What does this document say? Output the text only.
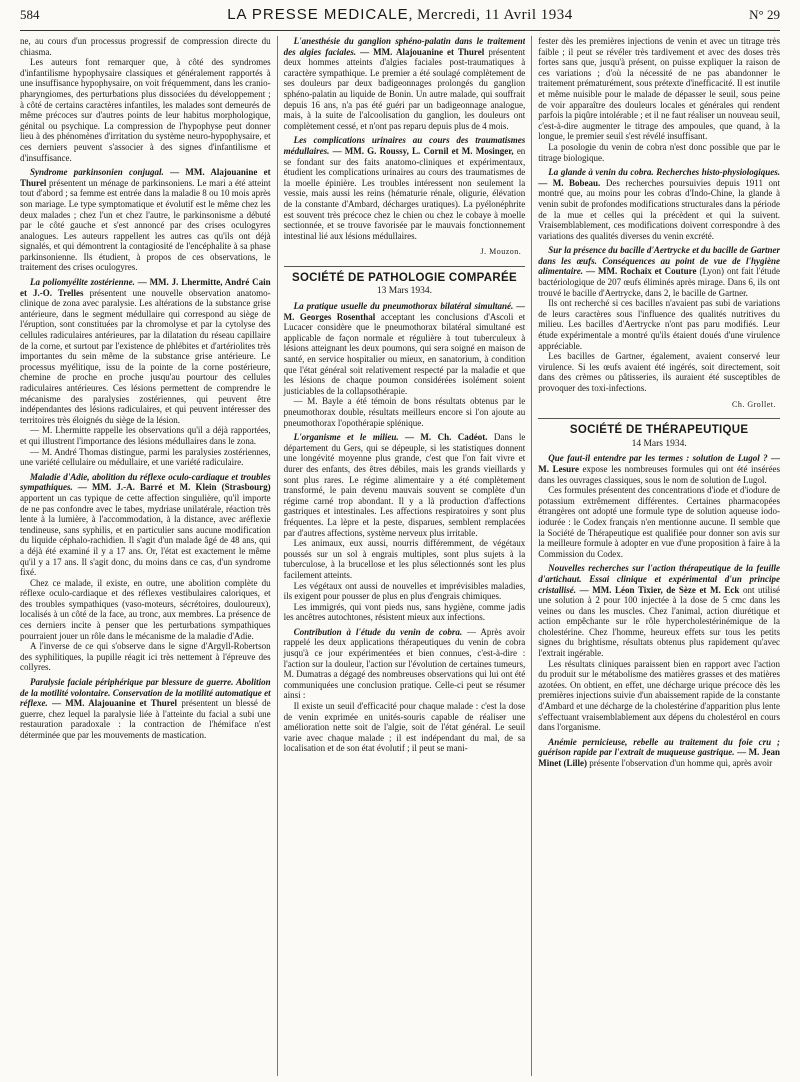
584	LA PRESSE MEDICALE, Mercredi, 11 Avril 1934	N° 29

ne, au cours d'un processus progressif de compression directe du chiasma.

Les auteurs font remarquer que, à côté des syndromes d'infantilisme hypophysaire classiques et généralement rapportés à une insuffisance hypophysaire, on voit fréquemment, dans les cranio-pharyngiomes, des perturbations plus dissociées du développement ; à côté de certains caractères infantiles, les malades sont demeurés de même précoces sur d'autres points de leur habitus morphologique, génital ou psychique. La compression de l'hypophyse peut donner lieu à des phénomènes d'irritation du système neuro-hypophysaire, et ces derniers peuvent s'associer à des signes d'infantilisme et d'insuffisance.

Syndrome parkinsonien conjugal. — MM. Alajouanine et Thurel présentent un ménage de parkinsoniens. Le mari a été atteint tout d'abord ; sa femme est entrée dans la maladie 8 ou 10 mois après son mariage. Le type symptomatique et évolutif est le même chez les deux malades ; chez l'un et chez l'autre, le parkinsonisme a débuté par le côté gauche et s'est annoncé par des crises oculogyres analogues. Les auteurs rappellent les autres cas qu'ils ont déjà signalés, et qui démontrent la contagiosité de l'encéphalite à sa phase parkinsonienne. Ils étudient, à propos de ces observations, le traitement des crises oculogyres.

La poliomyélite zostérienne. — MM. J. Lhermitte, André Cain et J.-O. Trelles présentent une nouvelle observation anatomo-clinique de zona avec paralysie. Les altérations de la substance grise antérieure, dans le segment médullaire qui correspond au siège de l'éruption, sont constituées par la chromolyse et par la cytolyse des cellules radiculaires antérieures, par la dilatation du réseau capillaire de la corne, et surtout par l'existence de phlébites et d'artériolites très importantes du sein même de la substance grise antérieure. Le processus myélitique, issu de la pointe de la corne postérieure, chemine de proche en proche jusqu'au pourtour des cellules radiculaires antérieures. Ces lésions permettent de comprendre le mécanisme des paralysies zostériennes, qui peuvent être indépendantes des lésions radiculaires, et qui peuvent intéresser des territoires très éloignés du siège de la lésion.

— M. Lhermitte rappelle les observations qu'il a déjà rapportées, et qui illustrent l'importance des lésions médullaires dans le zona.

— M. André Thomas distingue, parmi les paralysies zostériennes, une variété cellulaire ou médullaire, et une variété radiculaire.

Maladie d'Adie, abolition du réflexe oculo-cardiaque et troubles sympathiques. — MM. J.-A. Barré et M. Klein (Strasbourg) apportent un cas typique de cette affection singulière, qu'il importe de ne pas confondre avec le tabes, mydriase unilatérale, réaction très lente à la lumière, à l'accommodation, à la distance, avec aréflexie tendineuse, sans syphilis, et en particulier sans aucune modification du liquide céphalo-rachidien. Il s'agit d'un malade âgé de 48 ans, qui a déjà été examiné il y a 17 ans. Or, l'état est exactement le même qu'il y a 17 ans. Il s'agit donc, du moins dans ce cas, d'un syndrome fixé.

Chez ce malade, il existe, en outre, une abolition complète du réflexe oculo-cardiaque et des réflexes vestibulaires caloriques, et des troubles sympathiques (vaso-moteurs, sécrétoires, douloureux), localisés à un côté de la face, au tronc, aux membres. La présence de ces derniers incite à penser que les perturbations sympathiques pourraient jouer un rôle dans le mécanisme de la maladie d'Adie.

A l'inverse de ce qui s'observe dans le signe d'Argyll-Robertson des syphilitiques, la pupille réagit ici très nettement à l'épreuve des collyres.

Paralysie faciale périphérique par blessure de guerre. Abolition de la motilité volontaire. Conservation de la motilité automatique et réflexe. — MM. Alajouanine et Thurel présentent un blessé de guerre, chez lequel la paralysie liée à l'atteinte du facial a subi une restauration paradoxale : la contraction de l'hémiface n'est déterminée que par les mouvements de mastication.

L'anesthésie du ganglion sphéno-palatin dans le traitement des algies faciales. — MM. Alajouanine et Thurel présentent deux hommes atteints d'algies faciales post-traumatiques à caractère sympathique. Le premier a été soulagé complètement de ses douleurs par deux badigeonnages prolongés du ganglion sphéno-palatin au liquide de Bonin. Un autre malade, qui souffrait depuis 16 ans, n'a pas été guéri par un badigeonnage analogue, mais, à la suite de l'alcoolisation du ganglion, les douleurs ont complètement cessé, et n'ont pas reparu depuis plus de 4 mois.

Les complications urinaires au cours des traumatismes médullaires. — MM. G. Roussy, L. Cornil et M. Mosinger, en se fondant sur des faits anatomo-cliniques et expérimentaux, étudient les complications urinaires au cours des traumatismes de la moelle épinière. Les troubles intéressent non seulement la vessie, mais aussi les reins (hématurie rénale, oligurie, élévation de la constante d'Ambard, décharges uratiques). La pyélonéphrite est souvent très précoce chez le chien ou chez le cobaye à moelle sectionnée, et se trouve favorisée par le mauvais fonctionnement intestinal lié aux lésions médullaires.

J. Mouzon.
SOCIÉTÉ DE PATHOLOGIE COMPARÉE
13 Mars 1934.

La pratique usuelle du pneumothorax bilatéral simultané. — M. Georges Rosenthal acceptant les conclusions d'Ascoli et Lucacer considère que le pneumothorax bilatéral simultané est applicable de façon normale et régulière à tout tuberculeux à lésions atteignant les deux poumons, qui sera soigné en maison de santé, en service hospitalier ou mieux, en sanatorium, à condition que l'état général soit relativement respecté par la maladie et que les lésions de chaque poumon considérées isolément soient justiciables de la collapsothérapie.

— M. Bayle a été témoin de bons résultats obtenus par le pneumothorax double, résultats meilleurs encore si l'on ajoute au pneumothorax l'opothérapie splénique.

L'organisme et le milieu. — M. Ch. Cadéot. Dans le département du Gers, qui se dépeuple, si les statistiques donnent une longévité moyenne plus grande, c'est que l'on fait vivre et durer des enfants, des êtres débiles, mais les grands vieillards y sont plus rares. Le régime alimentaire y a été complètement transformé, le pain devenu mauvais souvent se complète d'un régime carné trop abondant. Il y a là production d'affections gastriques et intestinales. Les affections respiratoires y sont plus fréquentes. La lèpre et la peste, disparues, semblent remplacées par d'autres affections, système nerveux plus irritable.

Les animaux, eux aussi, nourris différemment, de végétaux poussés sur un sol à engrais multiples, sont plus sujets à la tuberculose, à la brucellose et les plus sélectionnés sont les plus facilement atteints.

Les végétaux ont aussi de nouvelles et imprévisibles maladies, ils exigent pour pousser de plus en plus d'engrais chimiques.

Les immigrés, qui vont pieds nus, sans hygiène, comme jadis les ancêtres autochtones, résistent mieux aux infections.

Contribution à l'étude du venin de cobra. — Après avoir rappelé les deux applications thérapeutiques du venin de cobra jusqu'à ce jour expérimentées et bien connues, c'est-à-dire : l'action sur la douleur, l'action sur l'évolution de certaines tumeurs, M. Dumatras a dégagé des nombreuses observations qui lui ont été communiquées une conclusion pratique. Celle-ci peut se résumer ainsi :

Il existe un seuil d'efficacité pour chaque malade : c'est la dose de venin exprimée en unités-souris capable de réaliser une amélioration nette soit de l'algie, soit de l'état général. Le seuil varie avec chaque malade ; il est indépendant du mal, de sa localisation et de son état évolutif ; il peut se mani-

fester dès les premières injections de venin et avec un titrage très faible ; il peut se révéler très tardivement et avec des doses très fortes sans que, jusqu'à présent, on puisse expliquer la raison de ces variations ; d'où la nécessité de ne pas abandonner le traitement prématurément, sous prétexte d'inefficacité. Il est inutile et même nuisible pour le malade de dépasser le seuil, sous peine de voir apparaître des douleurs locales et générales qui rendent parfois la piqûre intolérable ; et il ne faut réaliser un nouveau seuil, c'est-à-dire augmenter le titrage des ampoules, que quand, à la longue, le premier seuil s'est révélé insuffisant.

La posologie du venin de cobra n'est donc possible que par le titrage biologique.

La glande à venin du cobra. Recherches histo-physiologiques. — M. Bobeau. Des recherches poursuivies depuis 1911 ont montré que, au moins pour les cobras d'Indo-Chine, la glande à venin subit de profondes modifications structurales dans la période de la mue et celles qui la précèdent et qui la suivent. Vraisemblablement, ces modifications doivent correspondre à des variations des qualités diverses du venin excrété.

Sur la présence du bacille d'Aertrycke et du bacille de Gartner dans les œufs. Conséquences au point de vue de l'hygiène alimentaire. — MM. Rochaix et Couture (Lyon) ont fait l'étude bactériologique de 207 œufs éliminés après mirage. Dans 6, ils ont trouvé le bacille d'Aertrycke, dans 2, le bacille de Gartner.

Ils ont recherché si ces bacilles n'avaient pas subi de variations de leurs caractères sous l'influence des qualités nutritives du milieu. Les bacilles d'Aertrycke n'ont pas paru modifiés. Leur étude expérimentale a montré qu'ils étaient doués d'une virulence appréciable.

Les bacilles de Gartner, également, avaient conservé leur virulence. Si les œufs avaient été ingérés, soit directement, soit dans des crèmes ou pâtisseries, ils auraient été susceptibles de provoquer des toxi-infections.

Ch. Grollet.
SOCIÉTÉ DE THÉRAPEUTIQUE
14 Mars 1934.

Que faut-il entendre par les termes : solution de Lugol ? — M. Lesure expose les nombreuses formules qui ont été insérées dans les ouvrages classiques, sous le nom de solution de Lugol.

Ces formules présentent des concentrations d'iode et d'iodure de potassium extrêmement différentes. Certaines pharmacopées étrangères ont adopté une formule type de solution aqueuse iodo-iodurée : le Codex français n'en mentionne aucune. Il semble que la Société de Thérapeutique est qualifiée pour donner son avis sur la meilleure formule à adopter en vue d'une proposition à faire à la Commission du Codex.

Nouvelles recherches sur l'action thérapeutique de la feuille d'artichaut. Essai clinique et expérimental d'un principe cristallisé. — MM. Léon Tixier, de Sèze et M. Eck ont utilisé une solution à 2 pour 100 injectée à la dose de 5 cmc dans les veines ou dans les muscles. Chez l'animal, action diurétique et action empêchante sur le rôle hypercholestérinémique de la cholestérine. Chez l'homme, heureux effets sur tous les petits signes du brightisme, résultats obtenus plus rapidement qu'avec l'extrait ingérable.

Les résultats cliniques paraissent bien en rapport avec l'action du produit sur le métabolisme des matières grasses et des matières azotées. On obtient, en effet, une décharge urique précoce dès les premières injections suivie d'un abaissement rapide de la constante d'Ambard et une décharge de la cholestérine d'apparition plus lente s'effectuant vraisemblablement aux dépens du cholestérol en cours dans l'organisme.

Anémie pernicieuse, rebelle au traitement du foie cru ; guérison rapide par l'extrait de muqueuse gastrique. — M. Jean Minet (Lille) présente l'observation d'un homme qui, après avoir
